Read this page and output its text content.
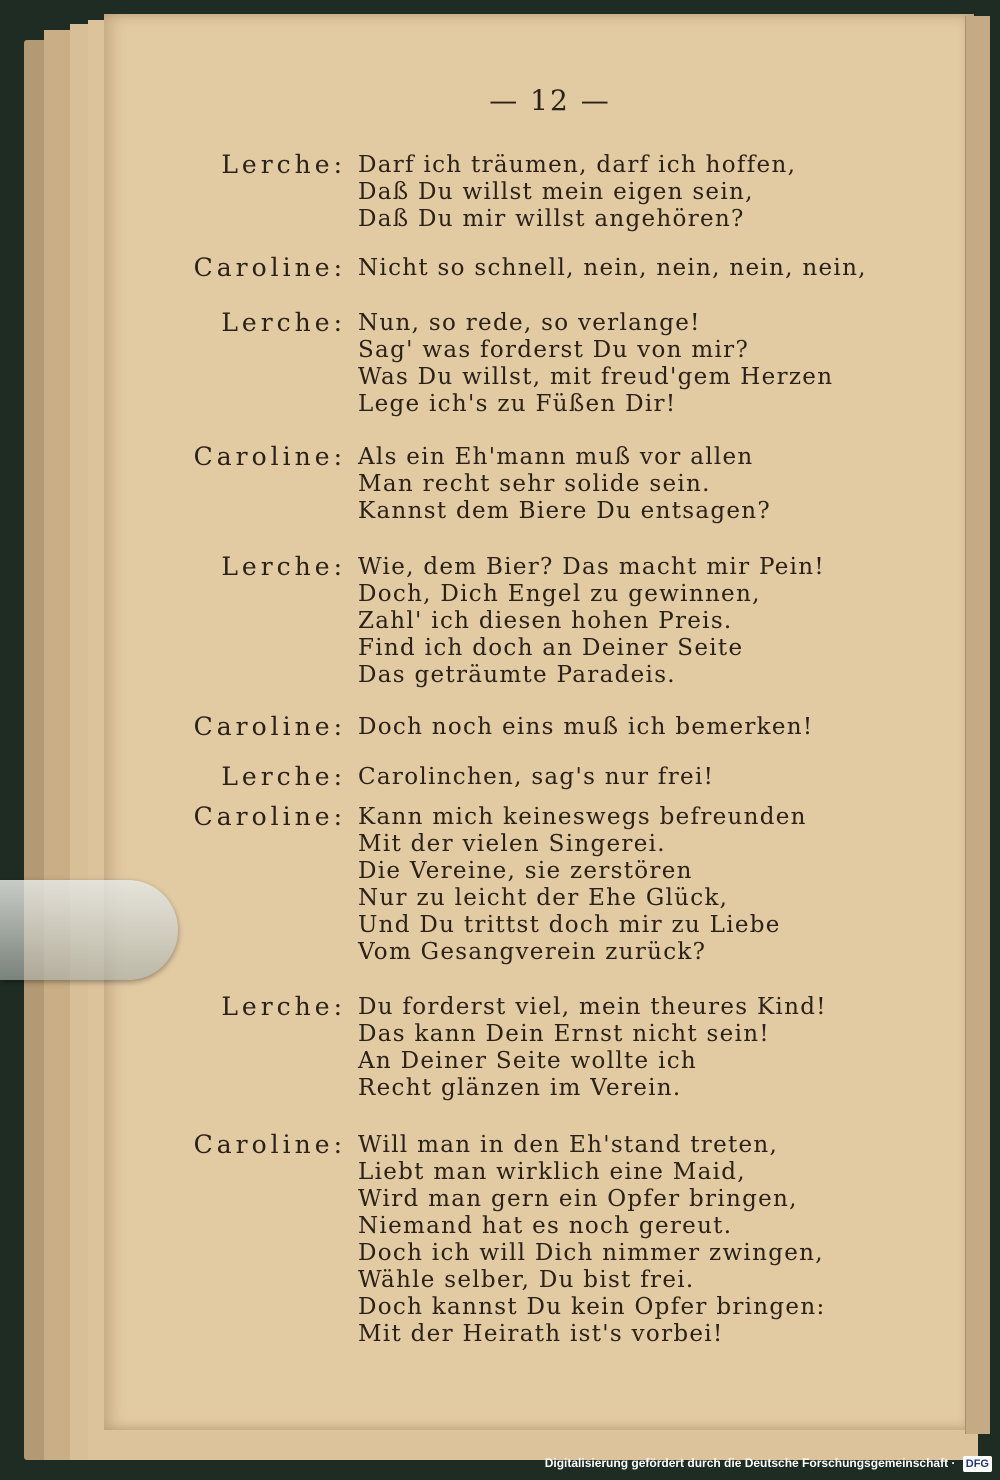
— 12 —
Lerche: Darf ich träumen, darf ich hoffen,
Daß Du willst mein eigen sein,
Daß Du mir willst angehören?
Caroline: Nicht so schnell, nein, nein, nein, nein,
Lerche: Nun, so rede, so verlange!
Sag' was forderst Du von mir?
Was Du willst, mit freud'gem Herzen
Lege ich's zu Füßen Dir!
Caroline: Als ein Eh'mann muß vor allen
Man recht sehr solide sein.
Kannst dem Biere Du entsagen?
Lerche: Wie, dem Bier? Das macht mir Pein!
Doch, Dich Engel zu gewinnen,
Zahl' ich diesen hohen Preis.
Find ich doch an Deiner Seite
Das geträumte Paradeis.
Caroline: Doch noch eins muß ich bemerken!
Lerche: Carolinchen, sag's nur frei!
Caroline: Kann mich keineswegs befreunden
Mit der vielen Singerei.
Die Vereine, sie zerstören
Nur zu leicht der Ehe Glück,
Und Du trittst doch mir zu Liebe
Vom Gesangverein zurück?
Lerche: Du forderst viel, mein theures Kind!
Das kann Dein Ernst nicht sein!
An Deiner Seite wollte ich
Recht glänzen im Verein.
Caroline: Will man in den Eh'stand treten,
Liebt man wirklich eine Maid,
Wird man gern ein Opfer bringen,
Niemand hat es noch gereut.
Doch ich will Dich nimmer zwingen,
Wähle selber, Du bist frei.
Doch kannst Du kein Opfer bringen:
Mit der Heirath ist's vorbei!
Digitalisierung gefördert durch die Deutsche Forschungsgemeinschaft · DFG
